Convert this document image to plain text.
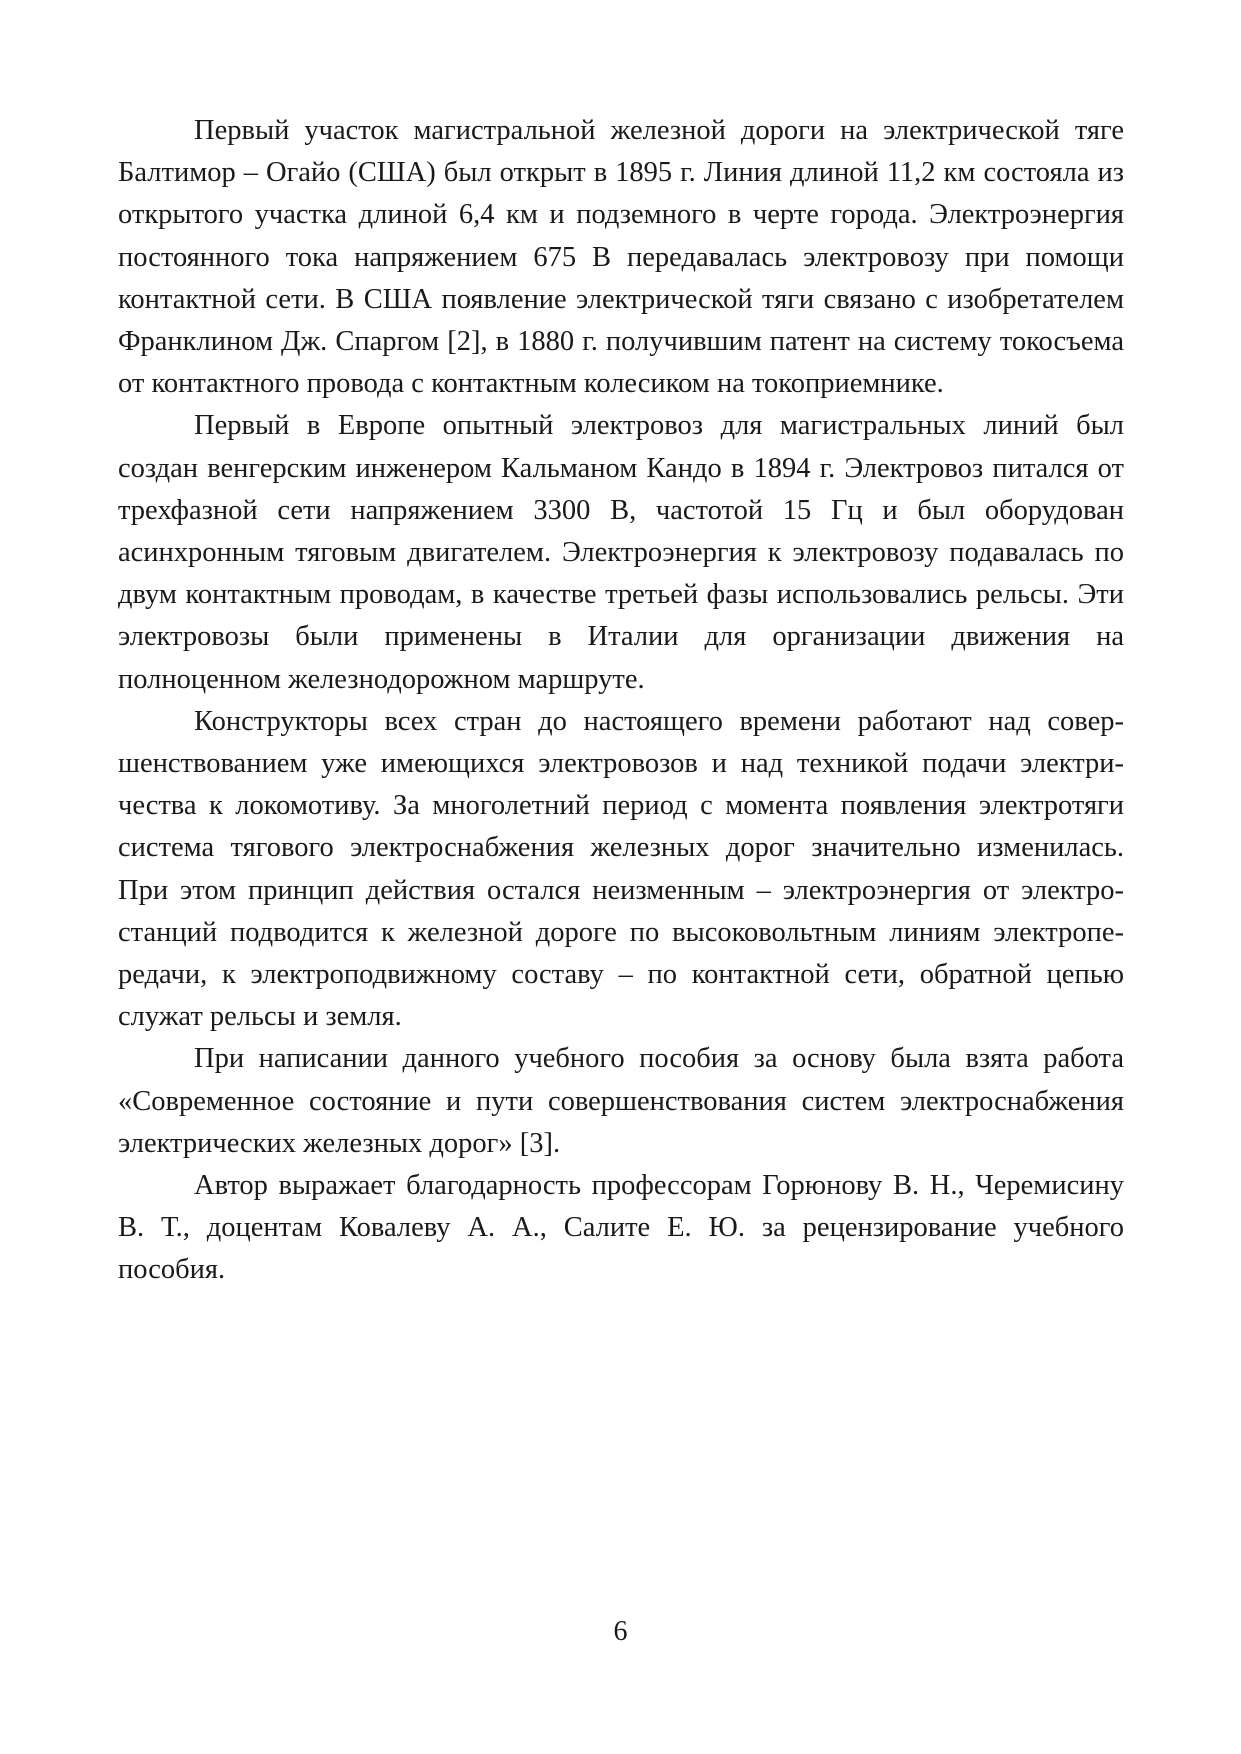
Первый участок магистральной железной дороги на электрической тяге Балтимор – Огайо (США) был открыт в 1895 г. Линия длиной 11,2 км состояла из открытого участка длиной 6,4 км и подземного в черте города. Электроэнергия постоянного тока напряжением 675 В передавалась электровозу при помощи контактной сети. В США появление электрической тяги связано с изобретателем Франклином Дж. Спаргом [2], в 1880 г. получившим патент на систему токосъема от контактного провода с контактным колесиком на токоприемнике.

Первый в Европе опытный электровоз для магистральных линий был создан венгерским инженером Кальманом Кандо в 1894 г. Электровоз питался от трехфазной сети напряжением 3300 В, частотой 15 Гц и был оборудован асинхронным тяговым двигателем. Электроэнергия к электровозу подавалась по двум контактным проводам, в качестве третьей фазы использовались рельсы. Эти электровозы были применены в Италии для организации движения на полноценном железнодорожном маршруте.

Конструкторы всех стран до настоящего времени работают над совершенствованием уже имеющихся электровозов и над техникой подачи электричества к локомотиву. За многолетний период с момента появления электротяги система тягового электроснабжения железных дорог значительно изменилась. При этом принцип действия остался неизменным – электроэнергия от электростанций подводится к железной дороге по высоковольтным линиям электропередачи, к электроподвижному составу – по контактной сети, обратной цепью служат рельсы и земля.

При написании данного учебного пособия за основу была взята работа «Современное состояние и пути совершенствования систем электроснабжения электрических железных дорог» [3].

Автор выражает благодарность профессорам Горюнову В. Н., Черемисину В. Т., доцентам Ковалеву А. А., Салите Е. Ю. за рецензирование учебного пособия.

6
